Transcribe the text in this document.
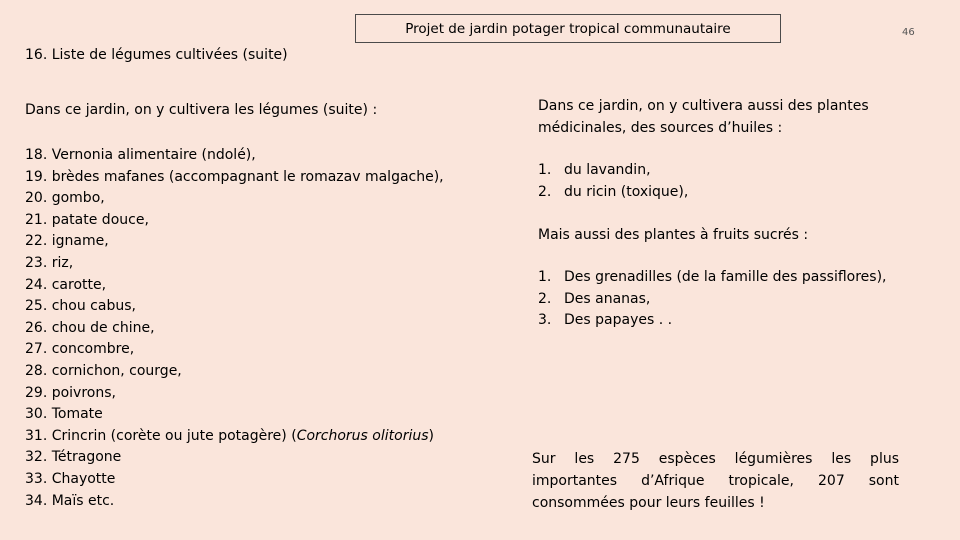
Projet de jardin potager tropical communautaire	46
16. Liste de légumes cultivées (suite)
Dans ce jardin, on y cultivera les légumes (suite) :
18. Vernonia alimentaire (ndolé),
19. brèdes mafanes (accompagnant le romazav malgache),
20. gombo,
21. patate douce,
22. igname,
23. riz,
24. carotte,
25. chou cabus,
26. chou de chine,
27. concombre,
28. cornichon, courge,
29. poivrons,
30. Tomate
31. Crincrin (corète ou jute potagère) (Corchorus olitorius)
32. Tétragone
33. Chayotte
34. Maïs etc.
Dans ce jardin, on y cultivera aussi des plantes médicinales, des sources d’huiles :
1. du lavandin,
2. du ricin (toxique),
Mais aussi des plantes à fruits sucrés :
1. Des grenadilles (de la famille des passiflores),
2. Des ananas,
3. Des papayes . .
Sur les 275 espèces légumières les plus importantes d’Afrique tropicale, 207 sont consommées pour leurs feuilles !
